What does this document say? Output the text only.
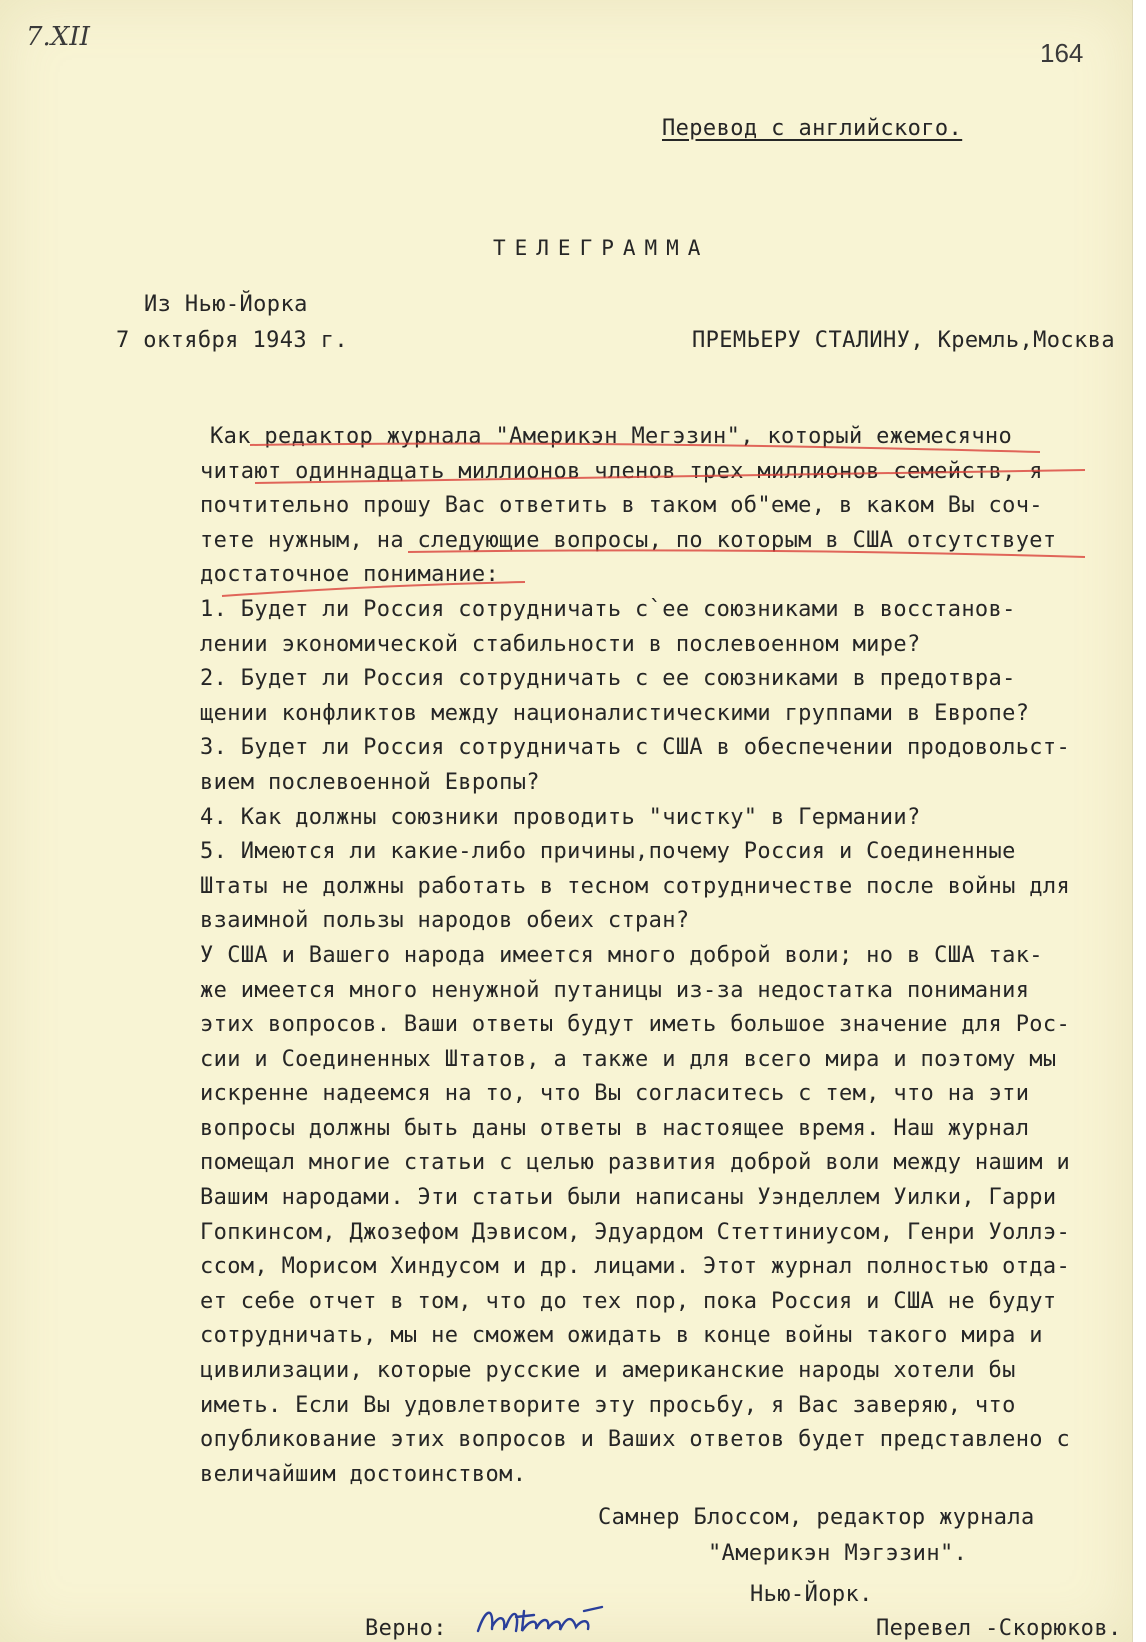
7.XII
164
Перевод с английского.
ТЕЛЕГРАММА
Из Нью-Йорка
7 октября 1943 г.	ПРЕМЬЕРУ СТАЛИНУ, Кремль,Москва
Как редактор журнала "Америкэн Мегэзин", который ежемесячно
читают одиннадцать миллионов членов трех миллионов семейств, я
почтительно прошу Вас ответить в таком об"еме, в каком Вы соч-
тете нужным, на следующие вопросы, по которым в США отсутствует
достаточное понимание:
1. Будет ли Россия сотрудничать с`ее союзниками в восстанов-
лении экономической стабильности в послевоенном мире?
2. Будет ли Россия сотрудничать с ее союзниками в предотвра-
щении конфликтов между националистическими группами в Европе?
3. Будет ли Россия сотрудничать с США в обеспечении продовольст-
вием послевоенной Европы?
4. Как должны союзники проводить "чистку" в Германии?
5. Имеются ли какие-либо причины,почему Россия и Соединенные
Штаты не должны работать в тесном сотрудничестве после войны для
взаимной пользы народов обеих стран?
У США и Вашего народа имеется много доброй воли; но в США так-
же имеется много ненужной путаницы из-за недостатка понимания
этих вопросов. Ваши ответы будут иметь большое значение для Рос-
сии и Соединенных Штатов, а также и для всего мира и поэтому мы
искренне надеемся на то, что Вы согласитесь с тем, что на эти
вопросы должны быть даны ответы в настоящее время. Наш журнал
помещал многие статьи с целью развития доброй воли между нашим и
Вашим народами. Эти статьи были написаны Уэнделлем Уилки, Гарри
Гопкинсом, Джозефом Дэвисом, Эдуардом Стеттиниусом, Генри Уоллэ-
ссом, Морисом Хиндусом и др. лицами. Этот журнал полностью отда-
ет себе отчет в том, что до тех пор, пока Россия и США не будут
сотрудничать, мы не сможем ожидать в конце войны такого мира и
цивилизации, которые русские и американские народы хотели бы
иметь. Если Вы удовлетворите эту просьбу, я Вас заверяю, что
опубликование этих вопросов и Ваших ответов будет представлено с
величайшим достоинством.
Самнер Блоссом, редактор журнала
"Америкэн Мэгэзин".
Нью-Йорк.
Верно:	Перевел -Скорюков.
